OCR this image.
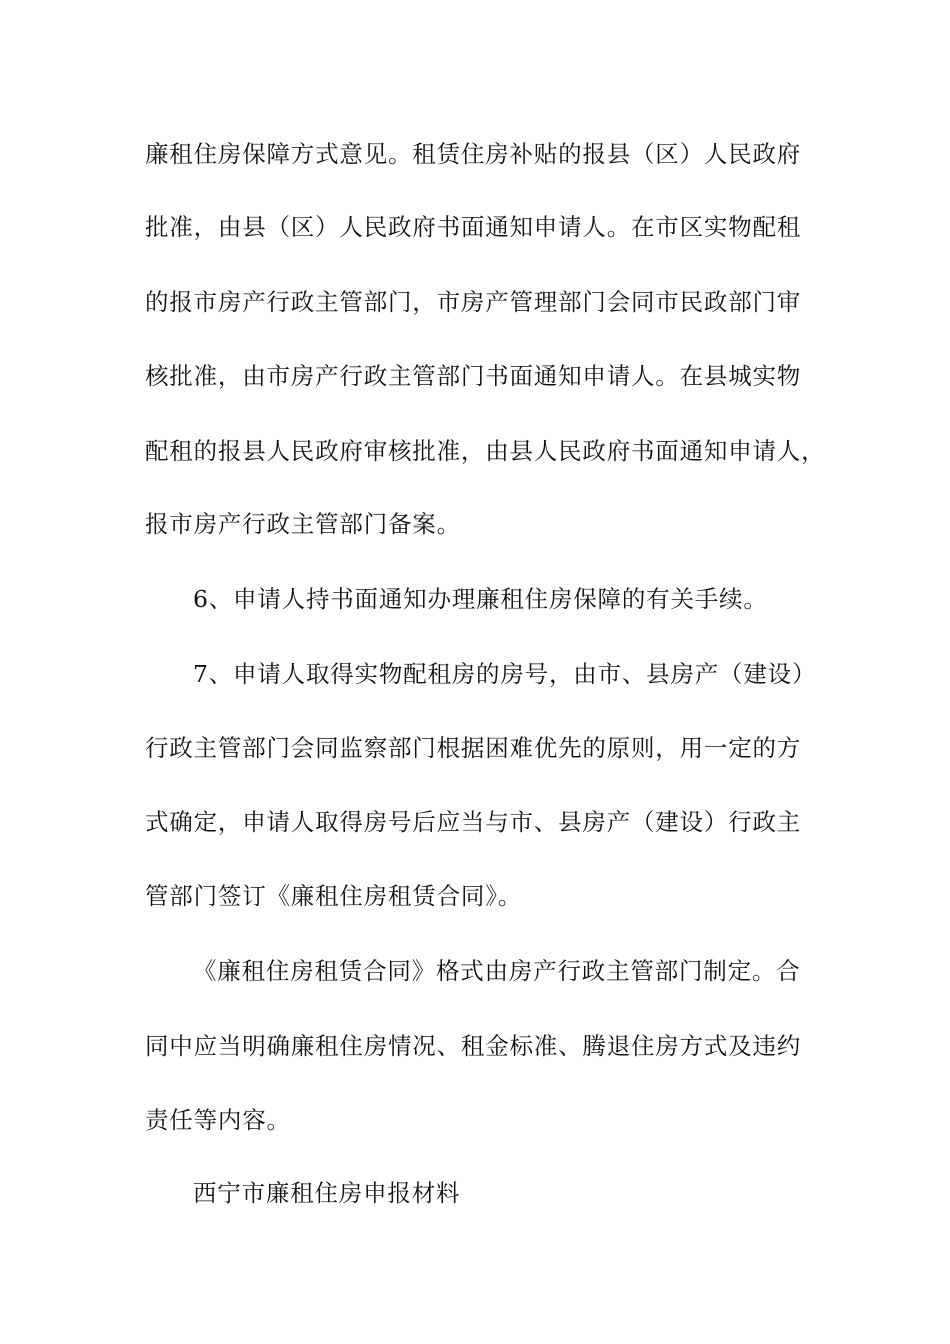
廉租住房保障方式意见。租赁住房补贴的报县（区）人民政府
批准，由县（区）人民政府书面通知申请人。在市区实物配租
的报市房产行政主管部门，市房产管理部门会同市民政部门审
核批准，由市房产行政主管部门书面通知申请人。在县城实物
配租的报县人民政府审核批准，由县人民政府书面通知申请人，
报市房产行政主管部门备案。
6、申请人持书面通知办理廉租住房保障的有关手续。
7、申请人取得实物配租房的房号，由市、县房产（建设）
行政主管部门会同监察部门根据困难优先的原则，用一定的方
式确定，申请人取得房号后应当与市、县房产（建设）行政主
管部门签订《廉租住房租赁合同》。
《廉租住房租赁合同》格式由房产行政主管部门制定。合
同中应当明确廉租住房情况、租金标准、腾退住房方式及违约
责任等内容。
西宁市廉租住房申报材料
